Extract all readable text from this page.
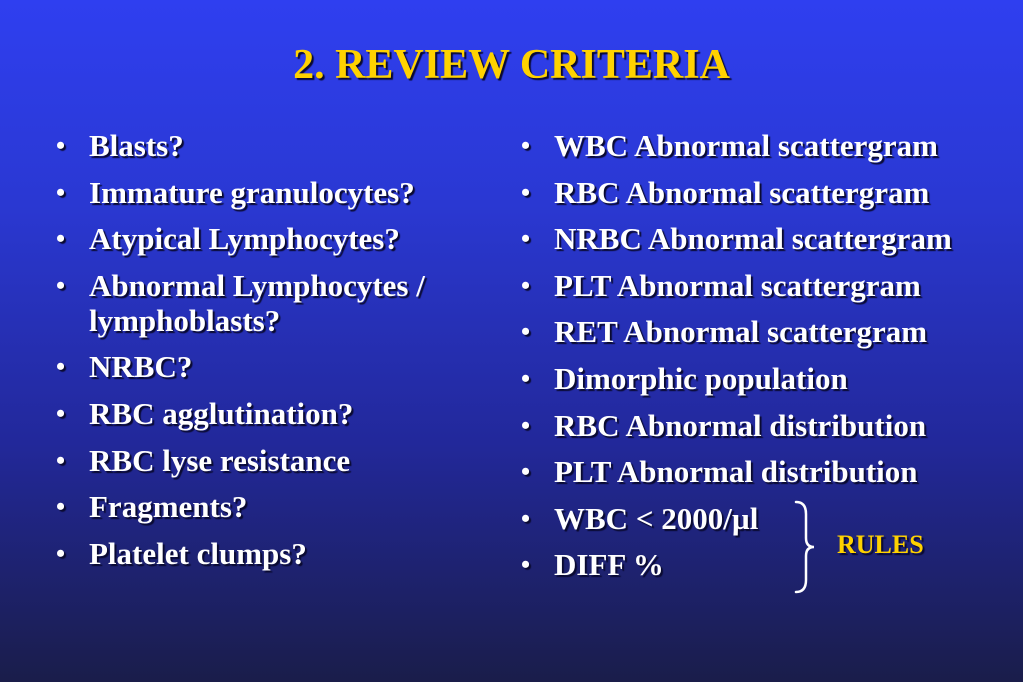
2. REVIEW CRITERIA
• Blasts?
• Immature granulocytes?
• Atypical Lymphocytes?
• Abnormal Lymphocytes / lymphoblasts?
• NRBC?
• RBC agglutination?
• RBC lyse resistance
• Fragments?
• Platelet clumps?
• WBC Abnormal scattergram
• RBC Abnormal scattergram
• NRBC Abnormal scattergram
• PLT Abnormal scattergram
• RET Abnormal scattergram
• Dimorphic population
• RBC Abnormal distribution
• PLT Abnormal distribution
• WBC < 2000/µl
• DIFF %
RULES
